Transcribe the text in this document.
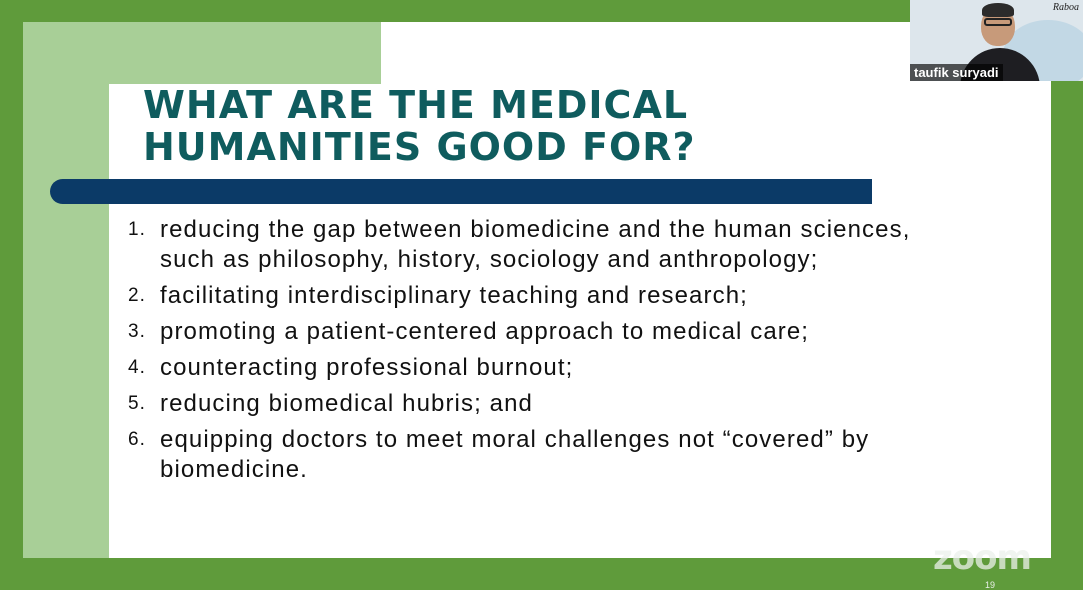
WHAT ARE THE MEDICAL HUMANITIES GOOD FOR?
1. reducing the gap between biomedicine and the human sciences, such as philosophy, history, sociology and anthropology;
2. facilitating interdisciplinary teaching and research;
3. promoting a patient-centered approach to medical care;
4. counteracting professional burnout;
5. reducing biomedical hubris; and
6. equipping doctors to meet moral challenges not “covered” by biomedicine.
Raboa
taufik suryadi
zoom
19
